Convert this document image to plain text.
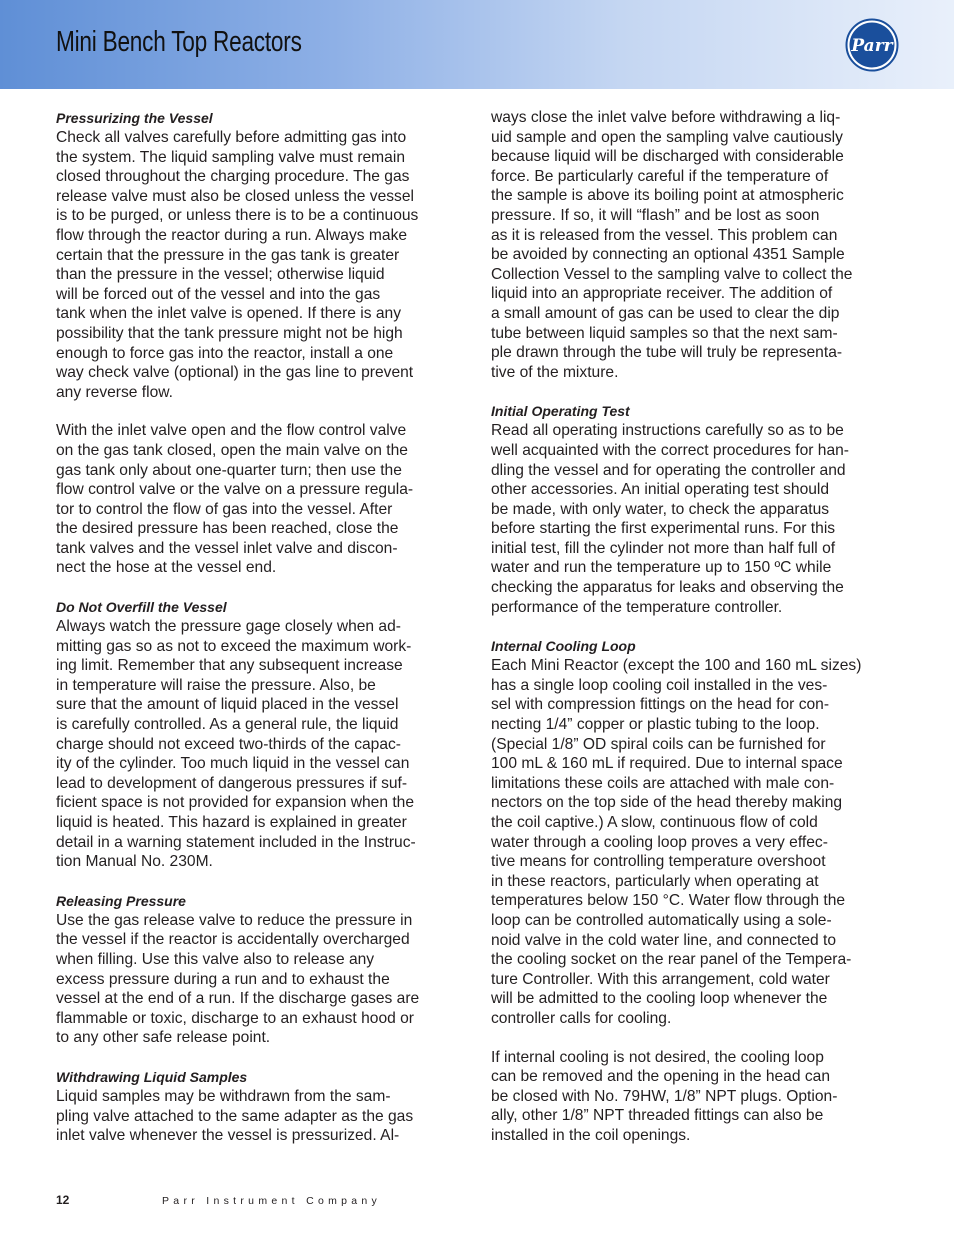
Mini Bench Top Reactors	Parr
Pressurizing the Vessel
Check all valves carefully before admitting gas into
the system. The liquid sampling valve must remain
closed throughout the charging procedure. The gas
release valve must also be closed unless the vessel
is to be purged, or unless there is to be a continuous
flow through the reactor during a run. Always make
certain that the pressure in the gas tank is greater
than the pressure in the vessel; otherwise liquid
will be forced out of the vessel and into the gas
tank when the inlet valve is opened. If there is any
possibility that the tank pressure might not be high
enough to force gas into the reactor, install a one
way check valve (optional) in the gas line to prevent
any reverse flow.
With the inlet valve open and the flow control valve
on the gas tank closed, open the main valve on the
gas tank only about one-quarter turn; then use the
flow control valve or the valve on a pressure regula-
tor to control the flow of gas into the vessel. After
the desired pressure has been reached, close the
tank valves and the vessel inlet valve and discon-
nect the hose at the vessel end.
Do Not Overfill the Vessel
Always watch the pressure gage closely when ad-
mitting gas so as not to exceed the maximum work-
ing limit. Remember that any subsequent increase
in temperature will raise the pressure. Also, be
sure that the amount of liquid placed in the vessel
is carefully controlled. As a general rule, the liquid
charge should not exceed two-thirds of the capac-
ity of the cylinder. Too much liquid in the vessel can
lead to development of dangerous pressures if suf-
ficient space is not provided for expansion when the
liquid is heated. This hazard is explained in greater
detail in a warning statement included in the Instruc-
tion Manual No. 230M.
Releasing Pressure
Use the gas release valve to reduce the pressure in
the vessel if the reactor is accidentally overcharged
when filling. Use this valve also to release any
excess pressure during a run and to exhaust the
vessel at the end of a run. If the discharge gases are
flammable or toxic, discharge to an exhaust hood or
to any other safe release point.
Withdrawing Liquid Samples
Liquid samples may be withdrawn from the sam-
pling valve attached to the same adapter as the gas
inlet valve whenever the vessel is pressurized. Al-
ways close the inlet valve before withdrawing a liq-
uid sample and open the sampling valve cautiously
because liquid will be discharged with considerable
force. Be particularly careful if the temperature of
the sample is above its boiling point at atmospheric
pressure. If so, it will “flash” and be lost as soon
as it is released from the vessel. This problem can
be avoided by connecting an optional 4351 Sample
Collection Vessel to the sampling valve to collect the
liquid into an appropriate receiver. The addition of
a small amount of gas can be used to clear the dip
tube between liquid samples so that the next sam-
ple drawn through the tube will truly be representa-
tive of the mixture.
Initial Operating Test
Read all operating instructions carefully so as to be
well acquainted with the correct procedures for han-
dling the vessel and for operating the controller and
other accessories. An initial operating test should
be made, with only water, to check the apparatus
before starting the first experimental runs. For this
initial test, fill the cylinder not more than half full of
water and run the temperature up to 150 ºC while
checking the apparatus for leaks and observing the
performance of the temperature controller.
Internal Cooling Loop
Each Mini Reactor (except the 100 and 160 mL sizes)
has a single loop cooling coil installed in the ves-
sel with compression fittings on the head for con-
necting 1/4” copper or plastic tubing to the loop.
(Special 1/8” OD spiral coils can be furnished for
100 mL & 160 mL if required. Due to internal space
limitations these coils are attached with male con-
nectors on the top side of the head thereby making
the coil captive.) A slow, continuous flow of cold
water through a cooling loop proves a very effec-
tive means for controlling temperature overshoot
in these reactors, particularly when operating at
temperatures below 150 °C. Water flow through the
loop can be controlled automatically using a sole-
noid valve in the cold water line, and connected to
the cooling socket on the rear panel of the Tempera-
ture Controller. With this arrangement, cold water
will be admitted to the cooling loop whenever the
controller calls for cooling.
If internal cooling is not desired, the cooling loop
can be removed and the opening in the head can
be closed with No. 79HW, 1/8” NPT plugs. Option-
ally, other 1/8” NPT threaded fittings can also be
installed in the coil openings.
12	Parr Instrument Company
